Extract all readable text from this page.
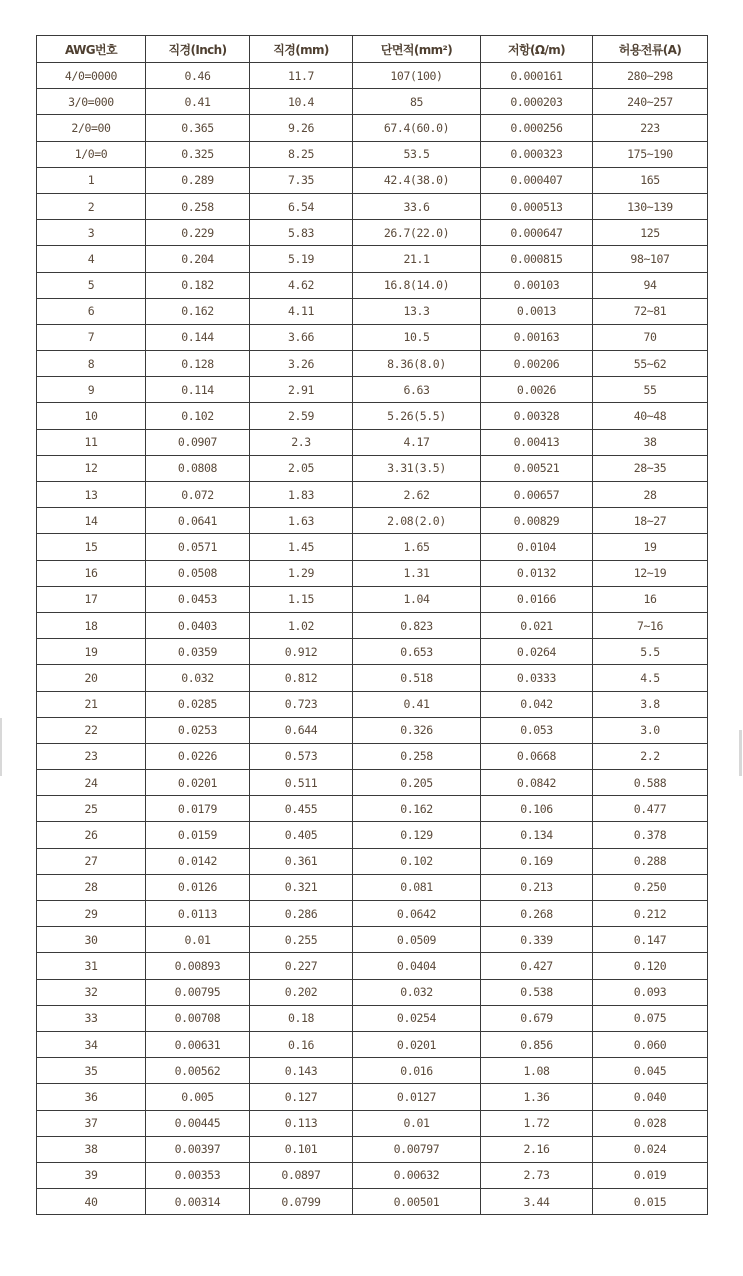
AWG번호	직경(Inch)	직경(mm)	단면적(mm²)	저항(Ω/m)	허용전류(A)
4/0=0000	0.46	11.7	107(100)	0.000161	280~298
3/0=000	0.41	10.4	85	0.000203	240~257
2/0=00	0.365	9.26	67.4(60.0)	0.000256	223
1/0=0	0.325	8.25	53.5	0.000323	175~190
1	0.289	7.35	42.4(38.0)	0.000407	165
2	0.258	6.54	33.6	0.000513	130~139
3	0.229	5.83	26.7(22.0)	0.000647	125
4	0.204	5.19	21.1	0.000815	98~107
5	0.182	4.62	16.8(14.0)	0.00103	94
6	0.162	4.11	13.3	0.0013	72~81
7	0.144	3.66	10.5	0.00163	70
8	0.128	3.26	8.36(8.0)	0.00206	55~62
9	0.114	2.91	6.63	0.0026	55
10	0.102	2.59	5.26(5.5)	0.00328	40~48
11	0.0907	2.3	4.17	0.00413	38
12	0.0808	2.05	3.31(3.5)	0.00521	28~35
13	0.072	1.83	2.62	0.00657	28
14	0.0641	1.63	2.08(2.0)	0.00829	18~27
15	0.0571	1.45	1.65	0.0104	19
16	0.0508	1.29	1.31	0.0132	12~19
17	0.0453	1.15	1.04	0.0166	16
18	0.0403	1.02	0.823	0.021	7~16
19	0.0359	0.912	0.653	0.0264	5.5
20	0.032	0.812	0.518	0.0333	4.5
21	0.0285	0.723	0.41	0.042	3.8
22	0.0253	0.644	0.326	0.053	3.0
23	0.0226	0.573	0.258	0.0668	2.2
24	0.0201	0.511	0.205	0.0842	0.588
25	0.0179	0.455	0.162	0.106	0.477
26	0.0159	0.405	0.129	0.134	0.378
27	0.0142	0.361	0.102	0.169	0.288
28	0.0126	0.321	0.081	0.213	0.250
29	0.0113	0.286	0.0642	0.268	0.212
30	0.01	0.255	0.0509	0.339	0.147
31	0.00893	0.227	0.0404	0.427	0.120
32	0.00795	0.202	0.032	0.538	0.093
33	0.00708	0.18	0.0254	0.679	0.075
34	0.00631	0.16	0.0201	0.856	0.060
35	0.00562	0.143	0.016	1.08	0.045
36	0.005	0.127	0.0127	1.36	0.040
37	0.00445	0.113	0.01	1.72	0.028
38	0.00397	0.101	0.00797	2.16	0.024
39	0.00353	0.0897	0.00632	2.73	0.019
40	0.00314	0.0799	0.00501	3.44	0.015
